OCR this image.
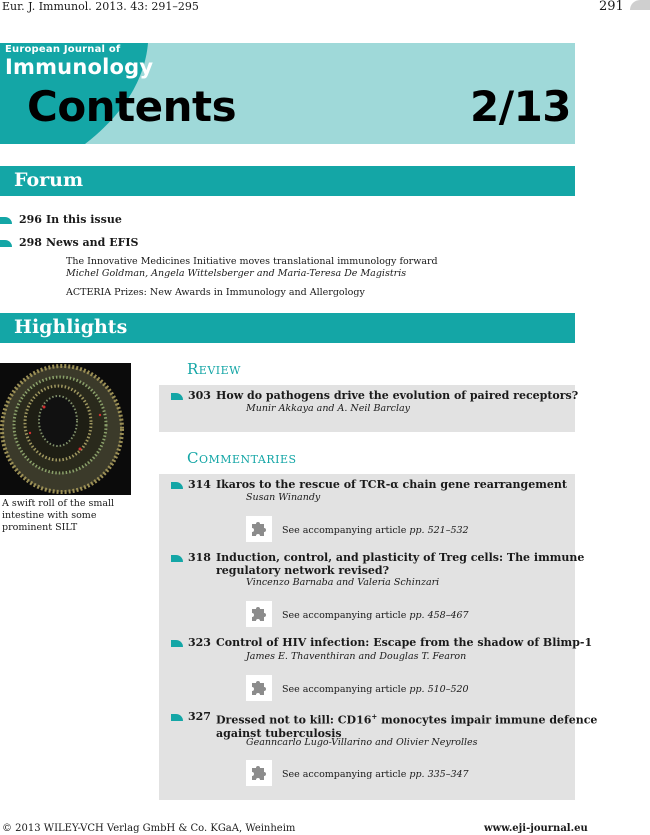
Eur. J. Immunol. 2013. 43: 291–295	291
European Journal of
Immunology
Contents	2/13
Forum
296 In this issue
298 News and EFIS
The Innovative Medicines Initiative moves translational immunology forward
Michel Goldman, Angela Wittelsberger and Maria-Teresa De Magistris
ACTERIA Prizes: New Awards in Immunology and Allergology
Highlights
A swift roll of the small intestine with some prominent SILT
Review
303 How do pathogens drive the evolution of paired receptors?
Munir Akkaya and A. Neil Barclay
Commentaries
314 Ikaros to the rescue of TCR-α chain gene rearrangement
Susan Winandy
See accompanying article pp. 521–532
318 Induction, control, and plasticity of Treg cells: The immune
regulatory network revised?
Vincenzo Barnaba and Valeria Schinzari
See accompanying article pp. 458–467
323 Control of HIV infection: Escape from the shadow of Blimp-1
James E. Thaventhiran and Douglas T. Fearon
See accompanying article pp. 510–520
327 Dressed not to kill: CD16+ monocytes impair immune defence
against tuberculosis
Geanncarlo Lugo-Villarino and Olivier Neyrolles
See accompanying article pp. 335–347
© 2013 WILEY-VCH Verlag GmbH & Co. KGaA, Weinheim	www.eji-journal.eu
